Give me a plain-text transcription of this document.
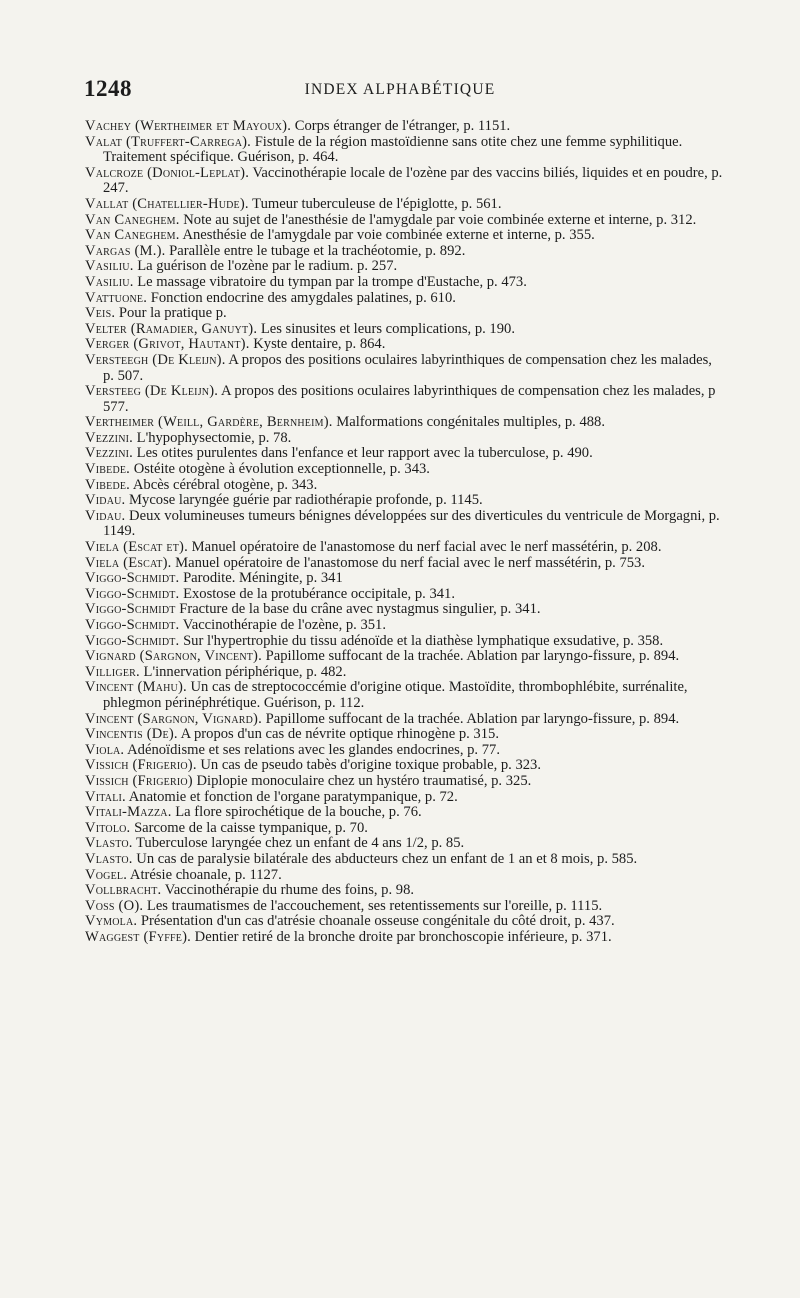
1248	INDEX ALPHABÉTIQUE
Vachey (Wertheimer et Mayoux). Corps étranger de l'étranger, p. 1151.
Valat (Truffert-Carrega). Fistule de la région mastoïdienne sans otite chez une femme syphilitique. Traitement spécifique. Guérison, p. 464.
Valcroze (Doniol-Leplat). Vaccinothérapie locale de l'ozène par des vaccins biliés, liquides et en poudre, p. 247.
Vallat (Chatellier-Hude). Tumeur tuberculeuse de l'épiglotte, p. 561.
Van Caneghem. Note au sujet de l'anesthésie de l'amygdale par voie combinée externe et interne, p. 312.
Van Caneghem. Anesthésie de l'amygdale par voie combinée externe et interne, p. 355.
Vargas (M.). Parallèle entre le tubage et la trachéotomie, p. 892.
Vasiliu. La guérison de l'ozène par le radium. p. 257.
Vasiliu. Le massage vibratoire du tympan par la trompe d'Eustache, p. 473.
Vattuone. Fonction endocrine des amygdales palatines, p. 610.
Veis. Pour la pratique p.
Velter (Ramadier, Ganuyt). Les sinusites et leurs complications, p. 190.
Verger (Grivot, Hautant). Kyste dentaire, p. 864.
Versteegh (De Kleijn). A propos des positions oculaires labyrinthiques de compensation chez les malades, p. 507.
Versteeg (De Kleijn). A propos des positions oculaires labyrinthiques de compensation chez les malades, p 577.
Vertheimer (Weill, Gardère, Bernheim). Malformations congénitales multiples, p. 488.
Vezzini. L'hypophysectomie, p. 78.
Vezzini. Les otites purulentes dans l'enfance et leur rapport avec la tuberculose, p. 490.
Vibede. Ostéite otogène à évolution exceptionnelle, p. 343.
Vibede. Abcès cérébral otogène, p. 343.
Vidau. Mycose laryngée guérie par radiothérapie profonde, p. 1145.
Vidau. Deux volumineuses tumeurs bénignes développées sur des diverticules du ventricule de Morgagni, p. 1149.
Viela (Escat et). Manuel opératoire de l'anastomose du nerf facial avec le nerf massétérin, p. 208.
Viela (Escat). Manuel opératoire de l'anastomose du nerf facial avec le nerf massétérin, p. 753.
Viggo-Schmidt. Parodite. Méningite, p. 341
Viggo-Schmidt. Exostose de la protubérance occipitale, p. 341.
Viggo-Schmidt Fracture de la base du crâne avec nystagmus singulier, p. 341.
Viggo-Schmidt. Vaccinothérapie de l'ozène, p. 351.
Viggo-Schmidt. Sur l'hypertrophie du tissu adénoïde et la diathèse lymphatique exsudative, p. 358.
Vignard (Sargnon, Vincent). Papillome suffocant de la trachée. Ablation par laryngo-fissure, p. 894.
Villiger. L'innervation périphérique, p. 482.
Vincent (Mahu). Un cas de streptococcémie d'origine otique. Mastoïdite, thrombophlébite, surrénalite, phlegmon périnéphrétique. Guérison, p. 112.
Vincent (Sargnon, Vignard). Papillome suffocant de la trachée. Ablation par laryngo-fissure, p. 894.
Vincentis (De). A propos d'un cas de névrite optique rhinogène p. 315.
Viola. Adénoïdisme et ses relations avec les glandes endocrines, p. 77.
Vissich (Frigerio). Un cas de pseudo tabès d'origine toxique probable, p. 323.
Vissich (Frigerio) Diplopie monoculaire chez un hystéro traumatisé, p. 325.
Vitali. Anatomie et fonction de l'organe paratympanique, p. 72.
Vitali-Mazza. La flore spirochétique de la bouche, p. 76.
Vitolo. Sarcome de la caisse tympanique, p. 70.
Vlasto. Tuberculose laryngée chez un enfant de 4 ans 1/2, p. 85.
Vlasto. Un cas de paralysie bilatérale des abducteurs chez un enfant de 1 an et 8 mois, p. 585.
Vogel. Atrésie choanale, p. 1127.
Vollbracht. Vaccinothérapie du rhume des foins, p. 98.
Voss (O). Les traumatismes de l'accouchement, ses retentissements sur l'oreille, p. 1115.
Vymola. Présentation d'un cas d'atrésie choanale osseuse congénitale du côté droit, p. 437.
Waggest (Fyffe). Dentier retiré de la bronche droite par bronchoscopie inférieure, p. 371.
